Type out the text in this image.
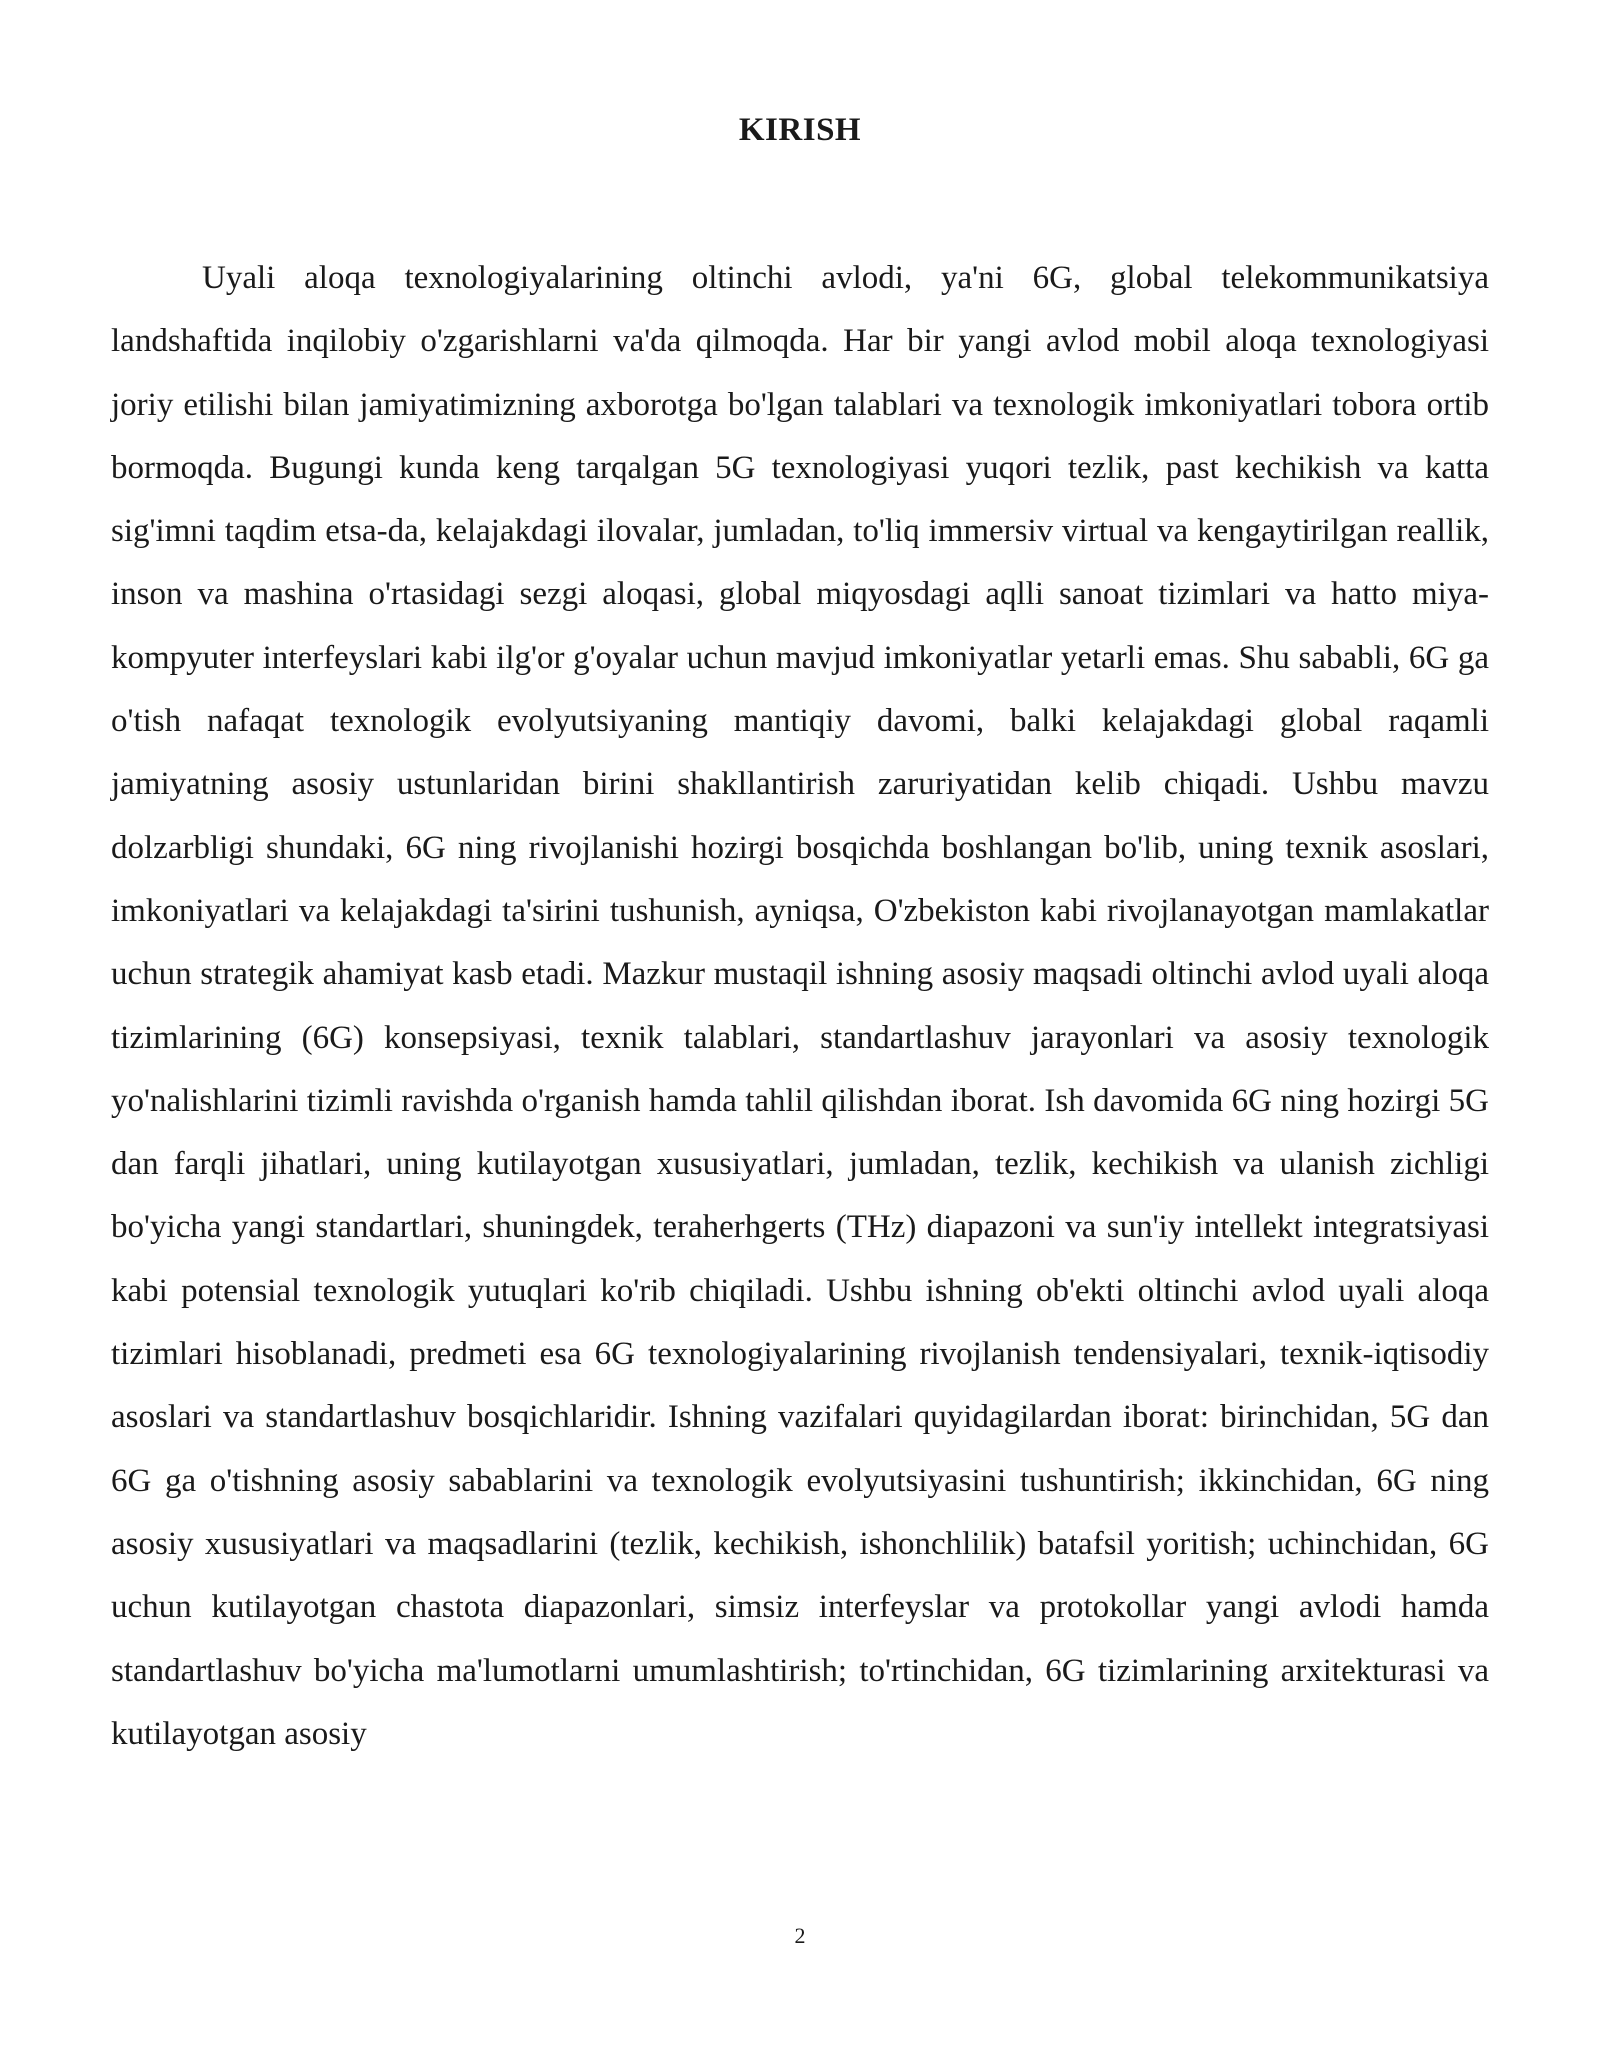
KIRISH

Uyali aloqa texnologiyalarining oltinchi avlodi, ya'ni 6G, global telekommunikatsiya landshaftida inqilobiy o'zgarishlarni va'da qilmoqda. Har bir yangi avlod mobil aloqa texnologiyasi joriy etilishi bilan jamiyatimizning axborotga bo'lgan talablari va texnologik imkoniyatlari tobora ortib bormoqda. Bugungi kunda keng tarqalgan 5G texnologiyasi yuqori tezlik, past kechikish va katta sig'imni taqdim etsa-da, kelajakdagi ilovalar, jumladan, to'liq immersiv virtual va kengaytirilgan reallik, inson va mashina o'rtasidagi sezgi aloqasi, global miqyosdagi aqlli sanoat tizimlari va hatto miya-kompyuter interfeyslari kabi ilg'or g'oyalar uchun mavjud imkoniyatlar yetarli emas. Shu sababli, 6G ga o'tish nafaqat texnologik evolyutsiyaning mantiqiy davomi, balki kelajakdagi global raqamli jamiyatning asosiy ustunlaridan birini shakllantirish zaruriyatidan kelib chiqadi. Ushbu mavzu dolzarbligi shundaki, 6G ning rivojlanishi hozirgi bosqichda boshlangan bo'lib, uning texnik asoslari, imkoniyatlari va kelajakdagi ta'sirini tushunish, ayniqsa, O'zbekiston kabi rivojlanayotgan mamlakatlar uchun strategik ahamiyat kasb etadi. Mazkur mustaqil ishning asosiy maqsadi oltinchi avlod uyali aloqa tizimlarining (6G) konsepsiyasi, texnik talablari, standartlashuv jarayonlari va asosiy texnologik yo'nalishlarini tizimli ravishda o'rganish hamda tahlil qilishdan iborat. Ish davomida 6G ning hozirgi 5G dan farqli jihatlari, uning kutilayotgan xususiyatlari, jumladan, tezlik, kechikish va ulanish zichligi bo'yicha yangi standartlari, shuningdek, teraherhgerts (THz) diapazoni va sun'iy intellekt integratsiyasi kabi potensial texnologik yutuqlari ko'rib chiqiladi. Ushbu ishning ob'ekti oltinchi avlod uyali aloqa tizimlari hisoblanadi, predmeti esa 6G texnologiyalarining rivojlanish tendensiyalari, texnik-iqtisodiy asoslari va standartlashuv bosqichlaridir. Ishning vazifalari quyidagilardan iborat: birinchidan, 5G dan 6G ga o'tishning asosiy sabablarini va texnologik evolyutsiyasini tushuntirish; ikkinchidan, 6G ning asosiy xususiyatlari va maqsadlarini (tezlik, kechikish, ishonchlilik) batafsil yoritish; uchinchidan, 6G uchun kutilayotgan chastota diapazonlari, simsiz interfeyslar va protokollar yangi avlodi hamda standartlashuv bo'yicha ma'lumotlarni umumlashtirish; to'rtinchidan, 6G tizimlarining arxitekturasi va kutilayotgan asosiy

2
